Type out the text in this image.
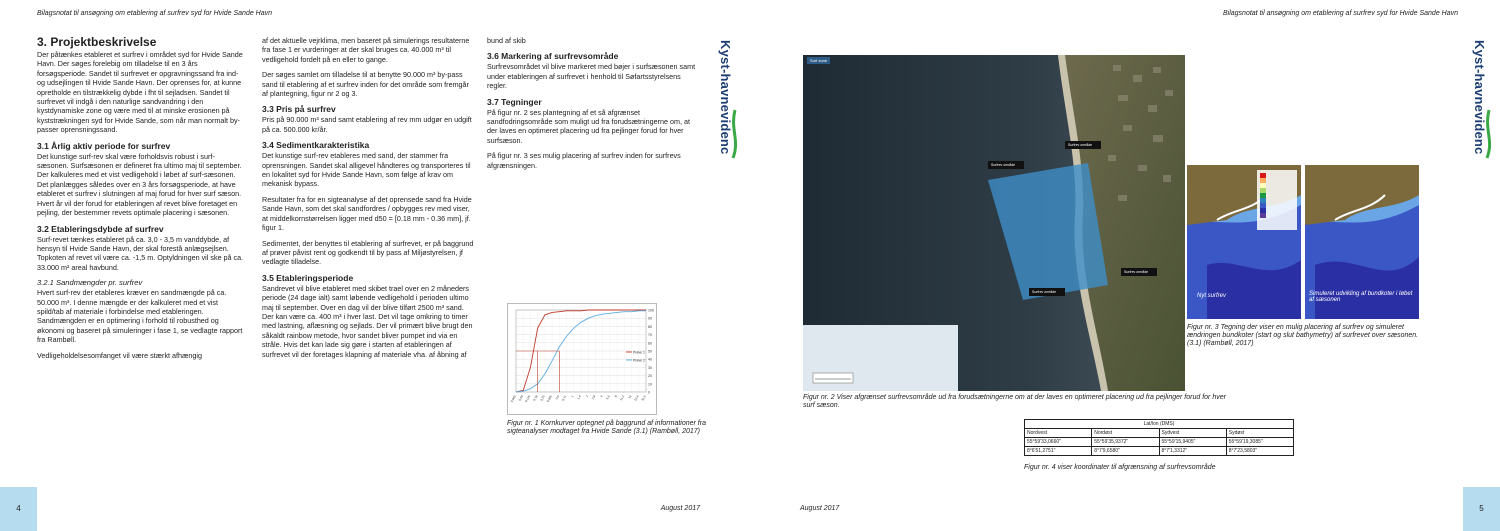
Bilagsnotat til ansøgning om etablering af surfrev syd for Hvide Sande Havn
Kyst-havnevidenc
3. Projektbeskrivelse

Der påtænkes etableret et surfrev i området syd for Hvide Sande Havn. Der søges forelebig om tilladelse til en 3 års forsøgsperiode. Sandet til surfrevet er opgravningssand fra ind- og udsejlingen til Hvide Sande Havn. Der oprenses for, at kunne opretholde en tilstrækkelig dybde i fht til sejladsen. Sandet til surfrevet vil indgå i den naturlige sandvandring i den kystdynamiske zone og være med til at minske erosionen på kyststrækningen syd for Hvide Sande, som når man normalt by-passer oprensningssand.

3.1 Årlig aktiv periode for surfrev

Det kunstige surf-rev skal være forholdsvis robust i surf-sæsonen. Surfsæsonen er defineret fra ultimo maj til september. Der kalkuleres med et vist vedligehold i løbet af surf-sæsonen. Det planlægges således over en 3 års forsøgsperiode, at have etableret et surfrev i slutningen af maj forud for hver surf sæson. Hvert år vil der forud for etableringen af revet blive foretaget en pejling, der bestemmer revets optimale placering i sæsonen.

3.2 Etableringsdybde af surfrev

Surf-revet tænkes etableret på ca. 3,0 - 3,5 m vanddybde, af hensyn til Hvide Sande Havn, der skal forestå anlægsejlsen. Topkoten af revet vil være ca. -1,5 m. Optyldningen vil ske på ca. 33.000 m² areal havbund.

3.2.1 Sandmængder pr. surfrev

Hvert surf-rev der etableres kræver en sandmængde på ca. 50.000 m³. I denne mængde er der kalkuleret med et vist spild/tab af materiale i forbindelse med etableringen. Sandmængden er en optimering i forhold til robusthed og økonomi og baseret på simuleringer i fase 1, se vedlagte rapport fra Rambøll.

Vedligeholdelsesomfanget vil være stærkt afhængig

af det aktuelle vejrklima, men baseret på simulerings resultaterne fra fase 1 er vurderinger at der skal bruges ca. 40.000 m³ til vedligehold fordelt på en eller to gange.

Der søges samlet om tilladelse til at benytte 90.000 m³ by-pass sand til etablering af et surfrev inden for det område som fremgår af plantegning, figur nr 2 og 3.

3.3 Pris på surfrev

Pris på 90.000 m³ sand samt etablering af rev mm udgør en udgift på ca. 500.000 kr/år.

3.4 Sedimentkarakteristika

Det kunstige surf-rev etableres med sand, der stammer fra oprensningen. Sandet skal alligevel håndteres og transporteres til en lokalitet syd for Hvide Sande Havn, som følge af krav om mekanisk bypass.

Resultater fra for en sigteanalyse af det oprensede sand fra Hvide Sande Havn, som det skal sandfordres / opbygges rev med viser, at middelkornstørrelsen ligger med d50 = [0.18 mm - 0.36 mm], jf. figur 1.

Sedimentet, der benyttes til etablering af surfrevet, er på baggrund af prøver påvist rent og godkendt til by pass af Miljøstyrelsen, jf vedlagte tilladelse.

3.5 Etableringsperiode

Sandrevet vil blive etableret med skibet trael over en 2 måneders periode (24 dage ialt) samt løbende vedligehold i perioden ultimo maj til september. Over en dag vil der blive tilført 2500 m³ sand. Der kan være ca. 400 m³ i hver last. Det vil tage omkring to timer med lastning, aflæsning og sejlads. Der vil primært blive brugt den såkaldt rainbow metode, hvor sandet bliver pumpet ind via en stråle. Hvis det kan lade sig gøre i starten af etableringen af surfrevet vil der foretages klapning af materiale vha. af åbning af

bund af skib

3.6 Markering af surfrevsområde

Surfrevsområdet vil blive markeret med bøjer i surfsæsonen samt under etableringen af surfrevet i henhold til Søfartsstyrelsens regler.

3.7 Tegninger

På figur nr. 2 ses plantegning af et så afgrænset sandfodringsområde som muligt ud fra forudsætningerne om, at der laves en optimeret placering ud fra pejlinger forud for hver surfsæson.

På figur nr. 3 ses mulig placering af surfrev inden for surfrevs afgrænsningen.

0
10
20
30
40
50
60
70
80
90
100
0,063 0,09 0,125 0,18 0,25 0,355 0,5 0,71 1 1,4 2 2,8 4 5,6 8 11,2 16 22,4 31,5
Prøve 1
Prøve 2
Figur nr. 1 Kornkurver optegnet på baggrund af informationer fra sigteanalyser modtaget fra Hvide Sande (3.1) (Rambøll, 2017)
August 2017
4
Bilagsnotat til ansøgning om etablering af surfrev syd for Hvide Sande Havn
Kyst-havnevidenc
August 2017	5
Surf zone
Surfrev område
Surfrev område
Surfrev område
Surfrev område
Figur nr. 2 Viser afgrænset surfrevsområde ud fra forudsætningerne om at der laves en optimeret placering ud fra pejlinger forud for hver surf sæson.
Nyt surfrev	Simuleret udvikling af bundkoter i løbet af sæsonen
Figur nr. 3 Tegning der viser en mulig placering af surfrev og simuleret ændringen bundkoter (start og slut bathymetry) af surfrevet over sæsonen. (3.1) (Rambøll, 2017)
Lat/lon (DMS)			
Nordvest	Nordøst	Sydvest	Sydøst
55°59'33,0660"	55°59'35,9372"	55°59'15,9405"	55°59'19,3085"
8°6'51,2751"	8°7'9,6580"	8°7'1,3312"	8°7'23,5803"
Figur nr. 4 viser koordinater til afgrænsning af surfrevsområde
